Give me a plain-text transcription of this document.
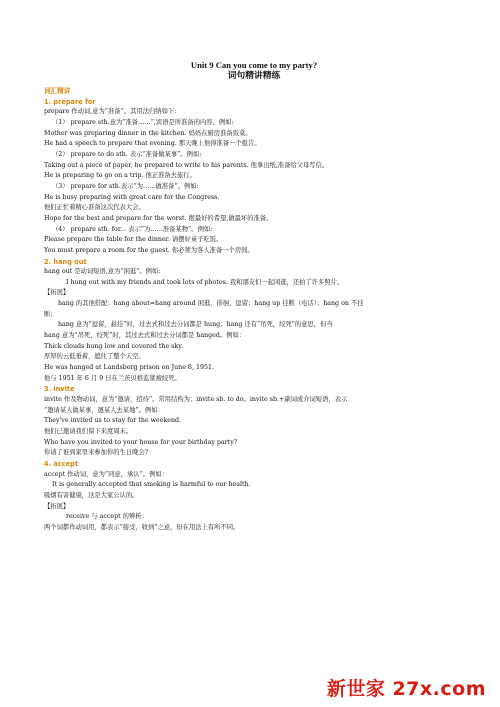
Unit 9 Can you come to my party?
词句精讲精练
词汇精讲
1. prepare for
prepare 作动词,意为“准备”。其用法归纳如下:
（1） prepare sth.意为“准备……”,宾语是所准备的内容。例如:
Mother was preparing dinner in the kitchen. 妈妈在厨房准备饭菜。
He had a speech to prepare that evening. 那天晚上他得准备一个报告。
（2） prepare to do sth. 表示“准备做某事”。例如:
Taking out a piece of paper, he prepared to write to his parents. 他拿出纸,准备给父母写信。
He is preparing to go on a trip. 他正准备去旅行。
（3） prepare for sth.表示“为……做准备”。例如:
He is busy preparing with great care for the Congress.
他们正忙着精心准备这次代表大会。
Hope for the best and prepare for the worst. 抱最好的希望,做最坏的准备。
（4） prepare sth. for... 表示“为……准备某物”。例如:
Please prepare the table for the dinner. 请摆好桌子吃饭。
You must prepare a room for the guest. 你必须为客人准备一个房间。
2. hang out
hang out 是动词短语,意为“闲逛”。例如:
I hung out with my friends and took lots of photos. 我和朋友们一起闲逛，还拍了许多照片。
【拓展】
hang 的其他搭配：hang about=hang around 闲逛，徘徊，逗留；hang up 挂断（电话）；hang on 不挂
断；
hang 意为“逗留，悬挂”时，过去式和过去分词都是 hung；hang 还有“吊死，绞死”的意思，但当
hang 意为“吊死，绞死”时，其过去式和过去分词都是 hanged。例如：
Thick clouds hung low and covered the sky.
厚厚的云低垂着，遮住了整个天空。
He was hanged at Landsberg prison on June 8, 1951.
他与 1951 年 6 月 9 日在兰茨贝格监狱被绞死。
3. invite
invite 作及物动词，意为“邀请，招待”。常用结构为：invite sb. to do。invite sb.+副词或介词短语，表示
“邀请某人做某事，邀某人去某地”。例如：
They've invited us to stay for the weekend.
他们已邀请我们留下来度周末。
Who have you invited to your house for your birthday party?
你请了谁到家里来参加你的生日晚会?
4. accept
accept 作动词，意为“同意，承认”。例如：
It is generally accepted that smoking is harmful to our health.
吸烟有害健康，这是大家公认的。
【拓展】
receive 与 accept 的辨析：
两个词都作动词用，都表示“接受，收到”之意，但在用法上有所不同。
新世家 27x.com
